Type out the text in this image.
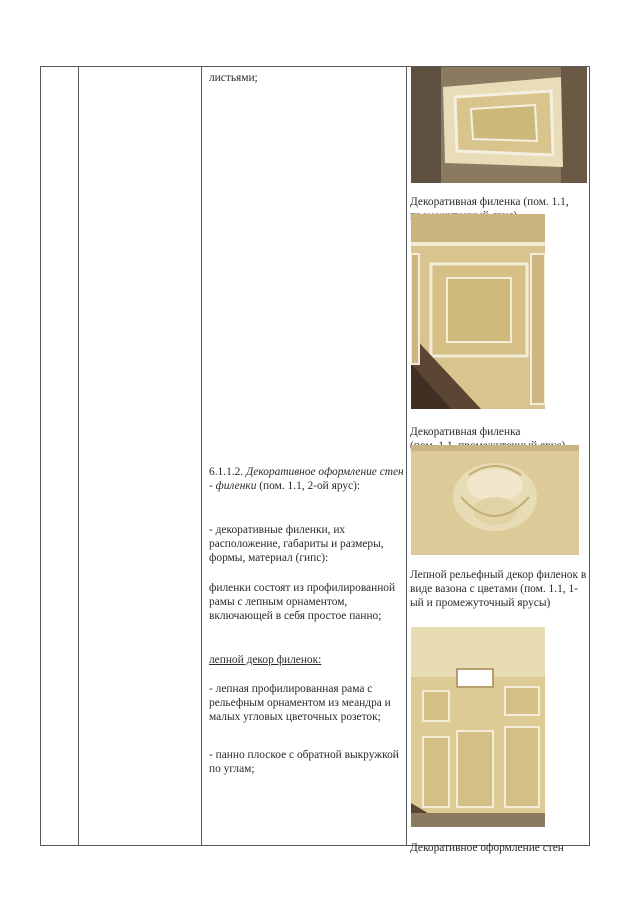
листьями;

6.1.1.2. Декоративное оформление стен - филенки (пом. 1.1, 2-ой ярус):

- декоративные филенки, их расположение, габариты и размеры, формы, материал (гипс):

филенки состоят из профилированной рамы с лепным орнаментом, включающей в себя простое панно;

лепной декор филенок:

- лепная профилированная рама с рельефным орнаментом из меандра и малых угловых цветочных розеток;

- панно плоское с обратной выкружкой по углам;

Декоративная филенка (пом. 1.1,

Декоративная филенка

Лепной рельефный декор филенок в виде вазона с цветами (пом. 1.1, 1-ый и промежуточный ярусы)

Декоративное оформление стен
